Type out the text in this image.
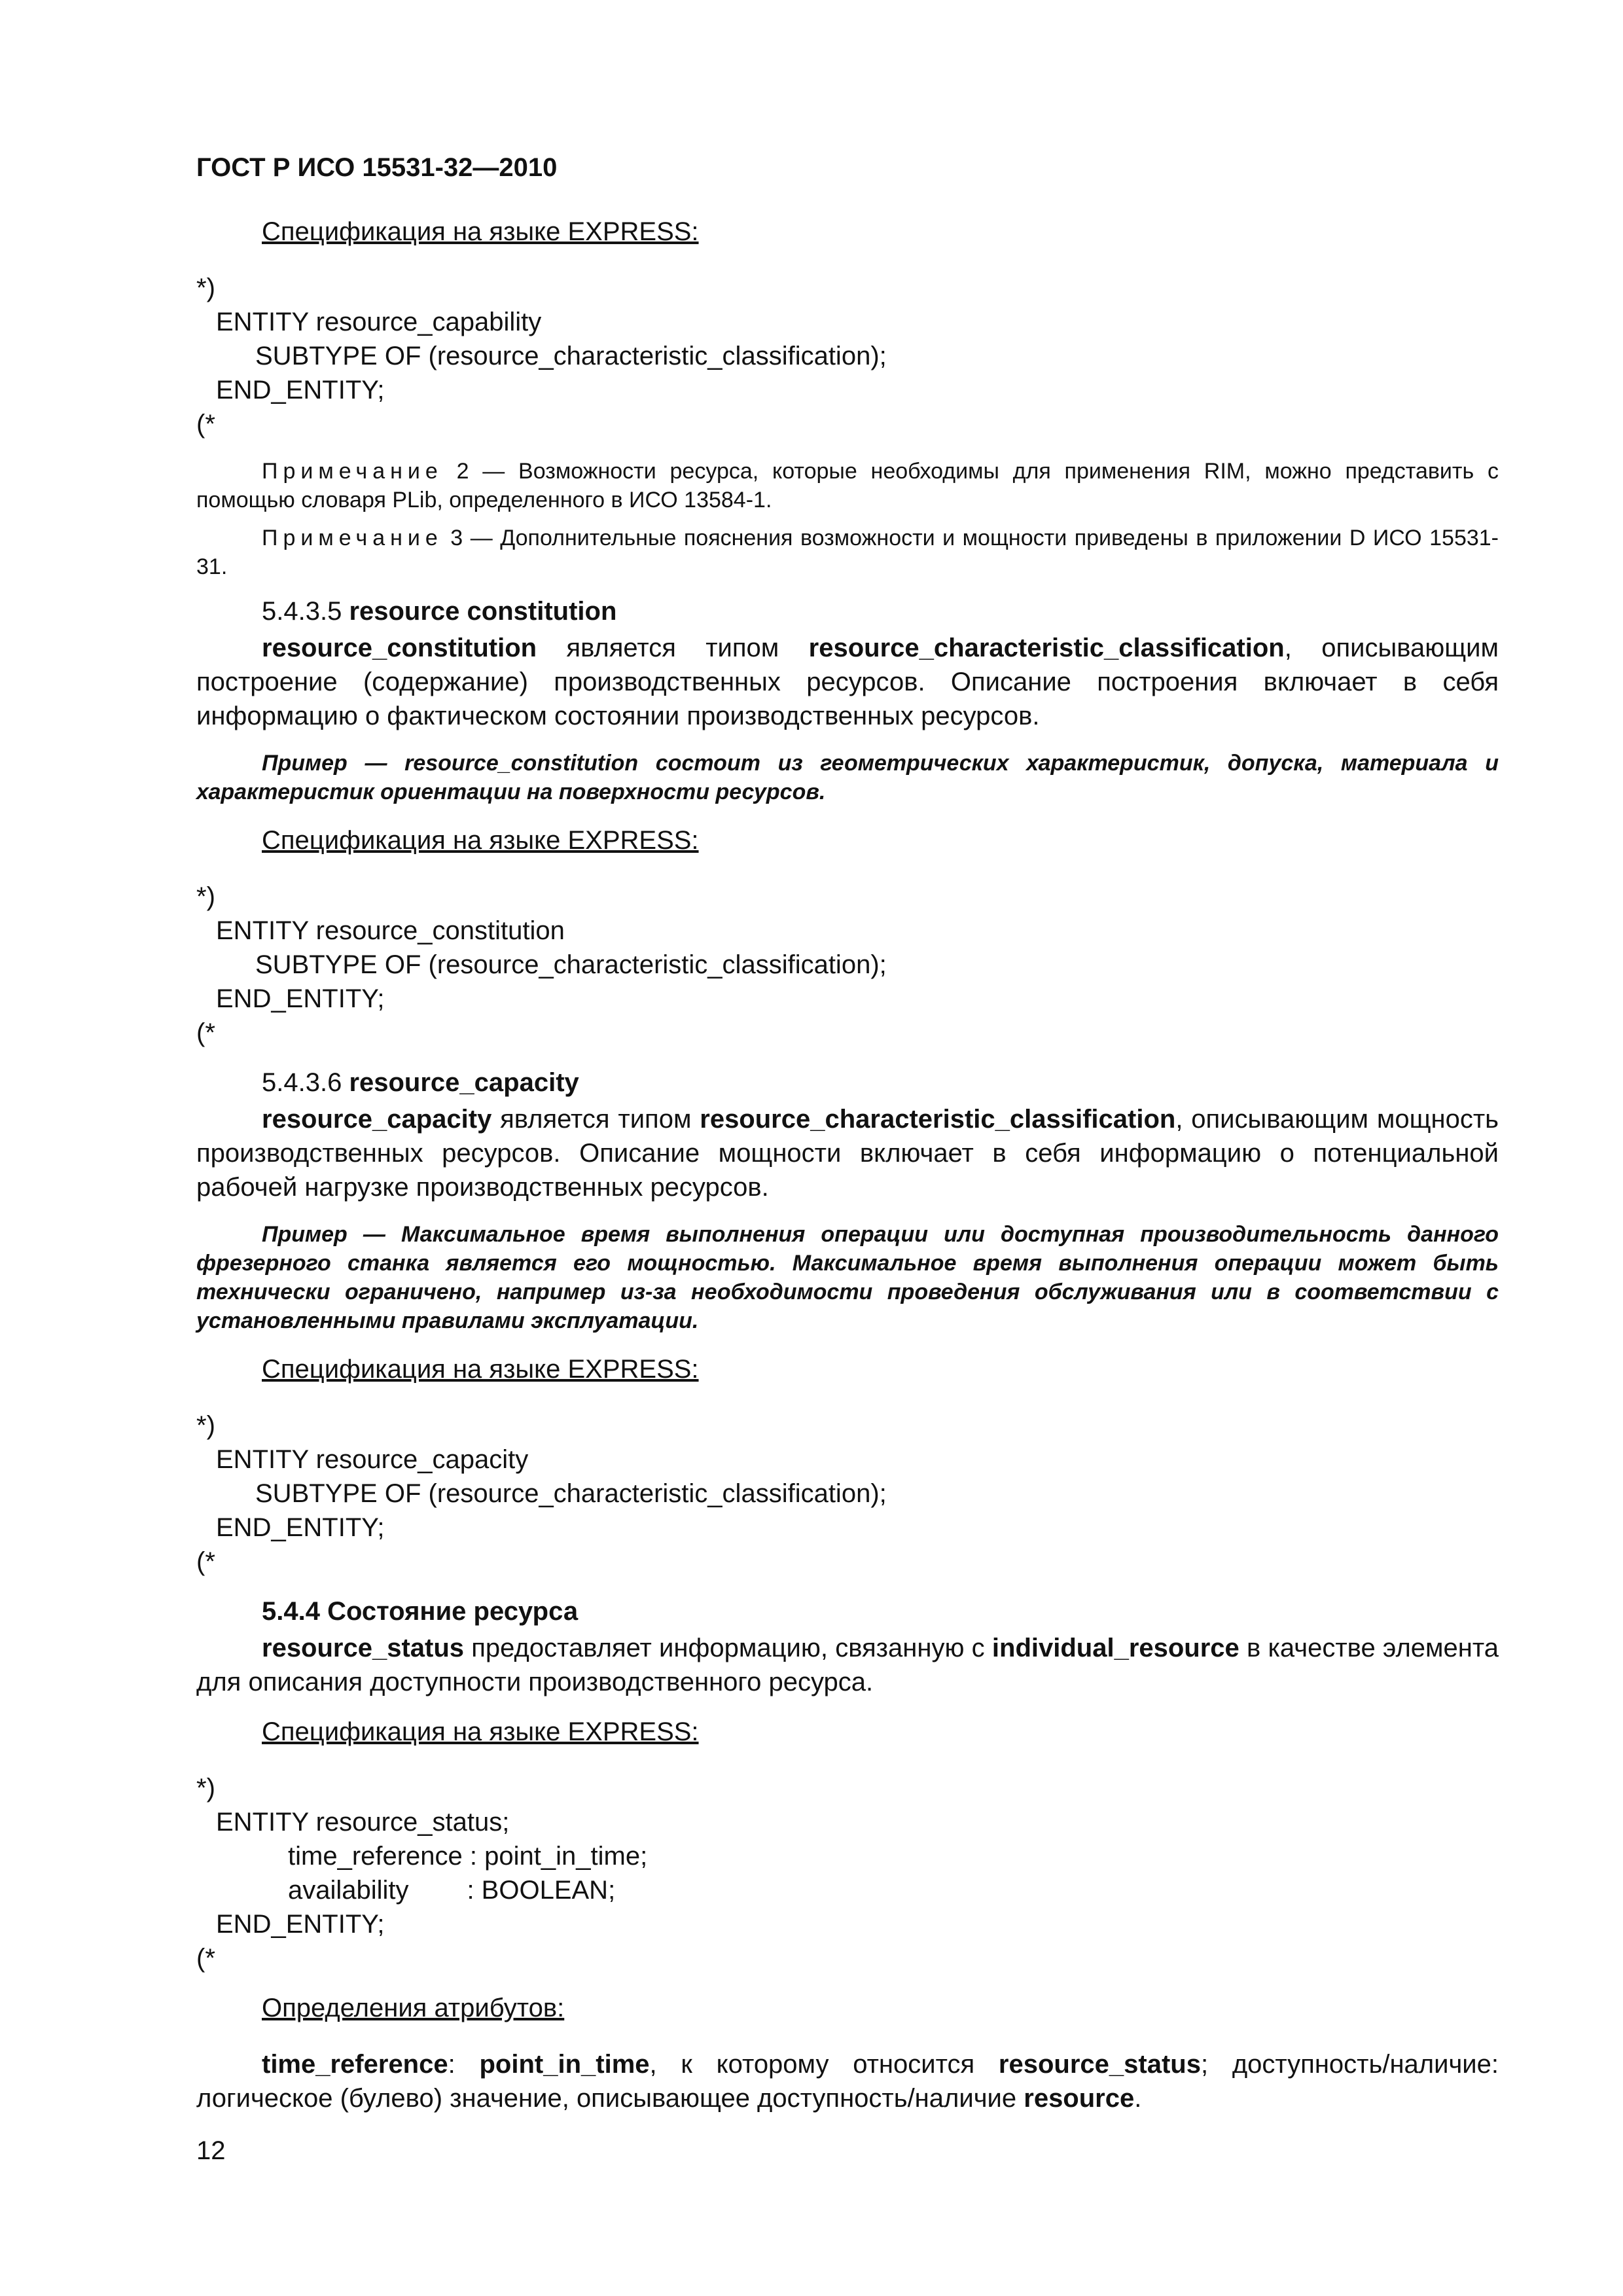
ГОСТ Р ИСО 15531-32—2010
Спецификация на языке EXPRESS:
*)
ENTITY resource_capability
SUBTYPE OF (resource_characteristic_classification);
END_ENTITY;
(*
Примечание 2 — Возможности ресурса, которые необходимы для применения RIM, можно представить с помощью словаря PLib, определенного в ИСО 13584-1.
Примечание 3 — Дополнительные пояснения возможности и мощности приведены в приложении D ИСО 15531-31.
5.4.3.5 resource constitution
resource_constitution является типом resource_characteristic_classification, описывающим построение (содержание) производственных ресурсов. Описание построения включает в себя информацию о фактическом состоянии производственных ресурсов.
Пример — resource_constitution состоит из геометрических характеристик, допуска, материала и характеристик ориентации на поверхности ресурсов.
Спецификация на языке EXPRESS:
*)
ENTITY resource_constitution
SUBTYPE OF (resource_characteristic_classification);
END_ENTITY;
(*
5.4.3.6 resource_capacity
resource_capacity является типом resource_characteristic_classification, описывающим мощность производственных ресурсов. Описание мощности включает в себя информацию о потенциальной рабочей нагрузке производственных ресурсов.
Пример — Максимальное время выполнения операции или доступная производительность данного фрезерного станка является его мощностью. Максимальное время выполнения операции может быть технически ограничено, например из-за необходимости проведения обслуживания или в соответствии с установленными правилами эксплуатации.
Спецификация на языке EXPRESS:
*)
ENTITY resource_capacity
SUBTYPE OF (resource_characteristic_classification);
END_ENTITY;
(*
5.4.4 Состояние ресурса
resource_status предоставляет информацию, связанную с individual_resource в качестве элемента для описания доступности производственного ресурса.
Спецификация на языке EXPRESS:
*)
ENTITY resource_status;
time_reference : point_in_time;
availability        : BOOLEAN;
END_ENTITY;
(*
Определения атрибутов:
time_reference: point_in_time, к которому относится resource_status; доступность/наличие: логическое (булево) значение, описывающее доступность/наличие resource.
12
